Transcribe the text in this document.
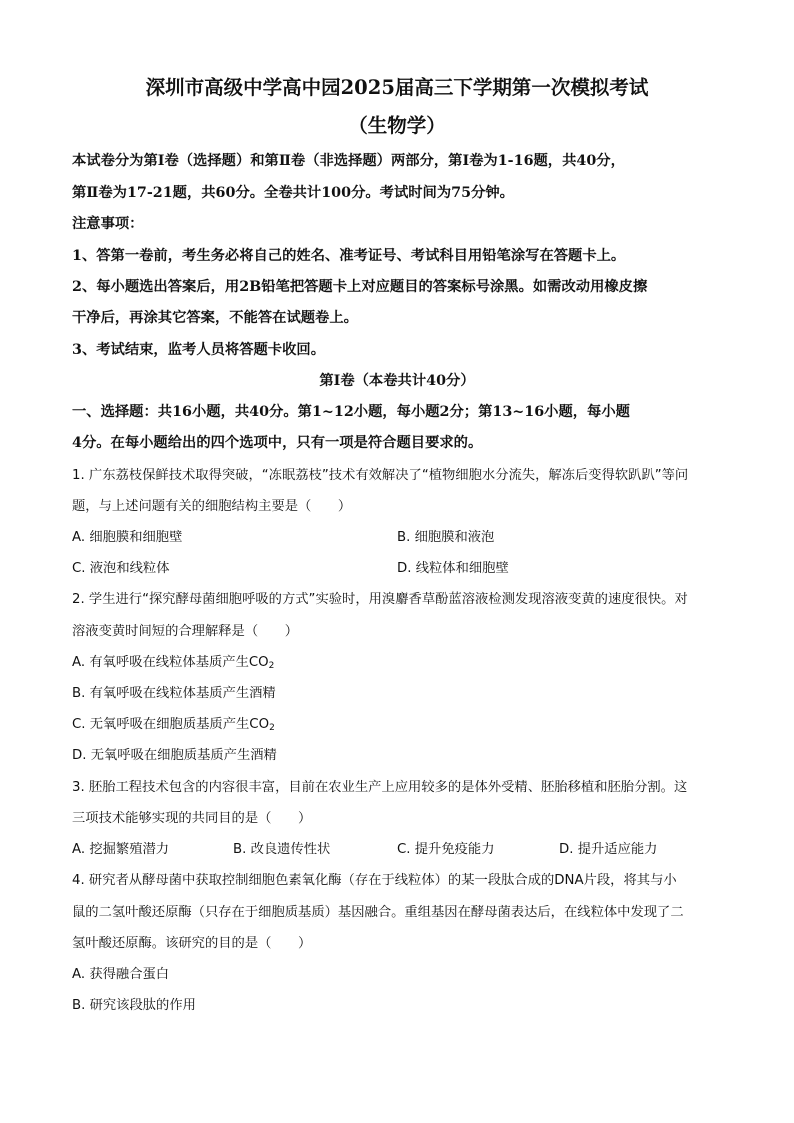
深圳市高级中学高中园2025届高三下学期第一次模拟考试
（生物学）
本试卷分为第Ⅰ卷（选择题）和第Ⅱ卷（非选择题）两部分，第Ⅰ卷为1-16题，共40分，
第Ⅱ卷为17-21题，共60分。全卷共计100分。考试时间为75分钟。
注意事项：
1、答第一卷前，考生务必将自己的姓名、准考证号、考试科目用铅笔涂写在答题卡上。
2、每小题选出答案后，用2B铅笔把答题卡上对应题目的答案标号涂黑。如需改动用橡皮擦
干净后，再涂其它答案，不能答在试题卷上。
3、考试结束，监考人员将答题卡收回。
第Ⅰ卷（本卷共计40分）
一、选择题：共16小题，共40分。第1~12小题，每小题2分；第13~16小题，每小题
4分。在每小题给出的四个选项中，只有一项是符合题目要求的。
1. 广东荔枝保鲜技术取得突破，“冻眠荔枝”技术有效解决了“植物细胞水分流失，解冻后变得软趴趴”等问
题，与上述问题有关的细胞结构主要是（　　）
A. 细胞膜和细胞壁	B. 细胞膜和液泡
C. 液泡和线粒体	D. 线粒体和细胞壁
2. 学生进行“探究酵母菌细胞呼吸的方式”实验时，用溴麝香草酚蓝溶液检测发现溶液变黄的速度很快。对
溶液变黄时间短的合理解释是（　　）
A. 有氧呼吸在线粒体基质产生$CO_2$
B. 有氧呼吸在线粒体基质产生酒精
C. 无氧呼吸在细胞质基质产生$CO_2$
D. 无氧呼吸在细胞质基质产生酒精
3. 胚胎工程技术包含的内容很丰富，目前在农业生产上应用较多的是体外受精、胚胎移植和胚胎分割。这
三项技术能够实现的共同目的是（　　）
A. 挖掘繁殖潜力	B. 改良遗传性状	C. 提升免疫能力	D. 提升适应能力
4. 研究者从酵母菌中获取控制细胞色素氧化酶（存在于线粒体）的某一段肽合成的DNA片段，将其与小
鼠的二氢叶酸还原酶（只存在于细胞质基质）基因融合。重组基因在酵母菌表达后，在线粒体中发现了二
氢叶酸还原酶。该研究的目的是（　　）
A. 获得融合蛋白
B. 研究该段肽的作用
